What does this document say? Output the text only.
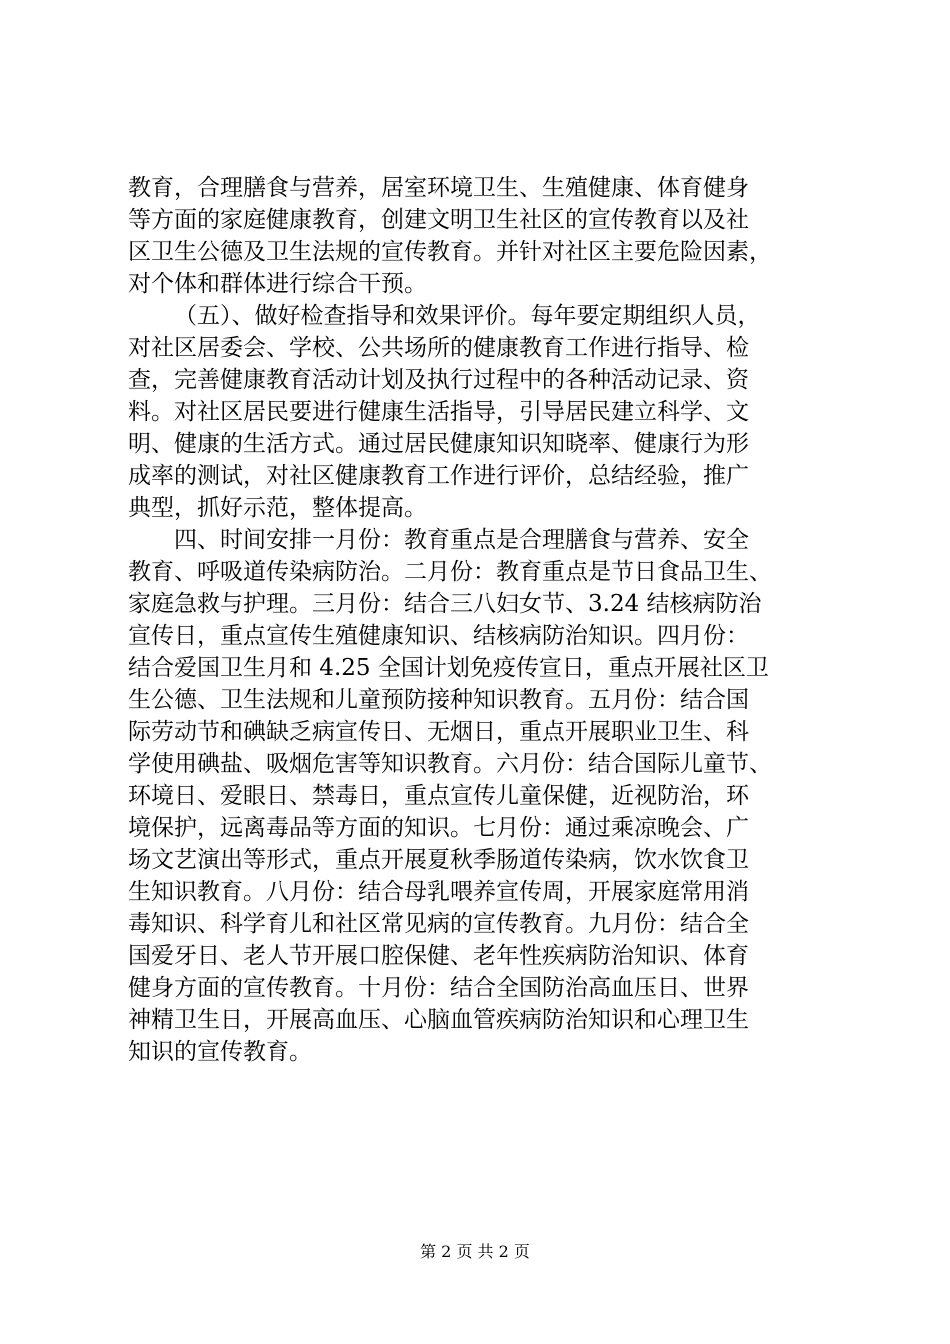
教育，合理膳食与营养，居室环境卫生、生殖健康、体育健身
等方面的家庭健康教育，创建文明卫生社区的宣传教育以及社
区卫生公德及卫生法规的宣传教育。并针对社区主要危险因素，
对个体和群体进行综合干预。
（五）、做好检查指导和效果评价。每年要定期组织人员，
对社区居委会、学校、公共场所的健康教育工作进行指导、检
查，完善健康教育活动计划及执行过程中的各种活动记录、资
料。对社区居民要进行健康生活指导，引导居民建立科学、文
明、健康的生活方式。通过居民健康知识知晓率、健康行为形
成率的测试，对社区健康教育工作进行评价，总结经验，推广
典型，抓好示范，整体提高。
四、时间安排一月份：教育重点是合理膳食与营养、安全
教育、呼吸道传染病防治。二月份：教育重点是节日食品卫生、
家庭急救与护理。三月份：结合三八妇女节、3.24 结核病防治
宣传日，重点宣传生殖健康知识、结核病防治知识。四月份：
结合爱国卫生月和 4.25 全国计划免疫传宣日，重点开展社区卫
生公德、卫生法规和儿童预防接种知识教育。五月份：结合国
际劳动节和碘缺乏病宣传日、无烟日，重点开展职业卫生、科
学使用碘盐、吸烟危害等知识教育。六月份：结合国际儿童节、
环境日、爱眼日、禁毒日，重点宣传儿童保健，近视防治，环
境保护，远离毒品等方面的知识。七月份：通过乘凉晚会、广
场文艺演出等形式，重点开展夏秋季肠道传染病，饮水饮食卫
生知识教育。八月份：结合母乳喂养宣传周，开展家庭常用消
毒知识、科学育儿和社区常见病的宣传教育。九月份：结合全
国爱牙日、老人节开展口腔保健、老年性疾病防治知识、体育
健身方面的宣传教育。十月份：结合全国防治高血压日、世界
神精卫生日，开展高血压、心脑血管疾病防治知识和心理卫生
知识的宣传教育。
第 2 页 共 2 页
